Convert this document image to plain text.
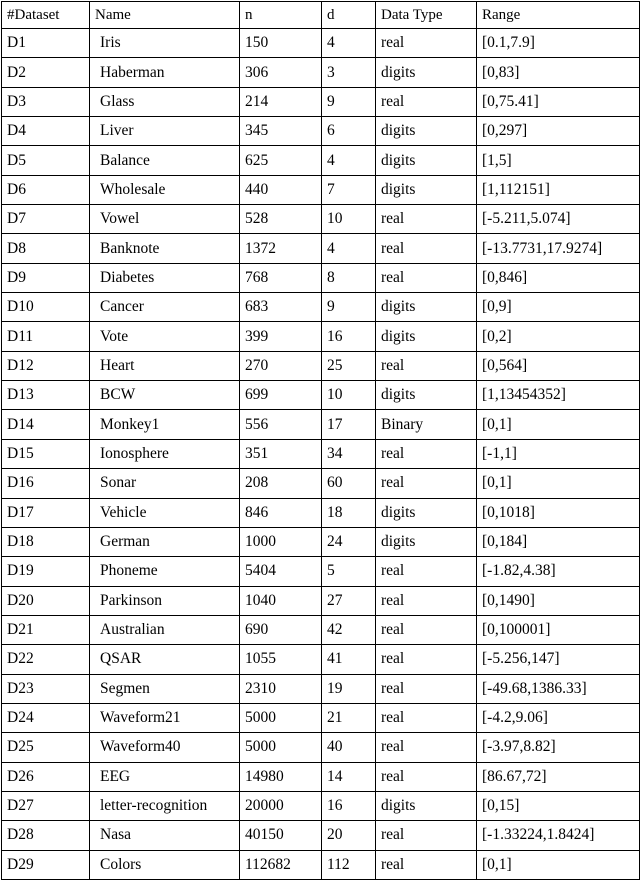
#Dataset	Name	n	d	Data Type	Range
D1	Iris	150	4	real	[0.1,7.9]
D2	Haberman	306	3	digits	[0,83]
D3	Glass	214	9	real	[0,75.41]
D4	Liver	345	6	digits	[0,297]
D5	Balance	625	4	digits	[1,5]
D6	Wholesale	440	7	digits	[1,112151]
D7	Vowel	528	10	real	[-5.211,5.074]
D8	Banknote	1372	4	real	[-13.7731,17.9274]
D9	Diabetes	768	8	real	[0,846]
D10	Cancer	683	9	digits	[0,9]
D11	Vote	399	16	digits	[0,2]
D12	Heart	270	25	real	[0,564]
D13	BCW	699	10	digits	[1,13454352]
D14	Monkey1	556	17	Binary	[0,1]
D15	Ionosphere	351	34	real	[-1,1]
D16	Sonar	208	60	real	[0,1]
D17	Vehicle	846	18	digits	[0,1018]
D18	German	1000	24	digits	[0,184]
D19	Phoneme	5404	5	real	[-1.82,4.38]
D20	Parkinson	1040	27	real	[0,1490]
D21	Australian	690	42	real	[0,100001]
D22	QSAR	1055	41	real	[-5.256,147]
D23	Segmen	2310	19	real	[-49.68,1386.33]
D24	Waveform21	5000	21	real	[-4.2,9.06]
D25	Waveform40	5000	40	real	[-3.97,8.82]
D26	EEG	14980	14	real	[86.67,72]
D27	letter-recognition	20000	16	digits	[0,15]
D28	Nasa	40150	20	real	[-1.33224,1.8424]
D29	Colors	112682	112	real	[0,1]
